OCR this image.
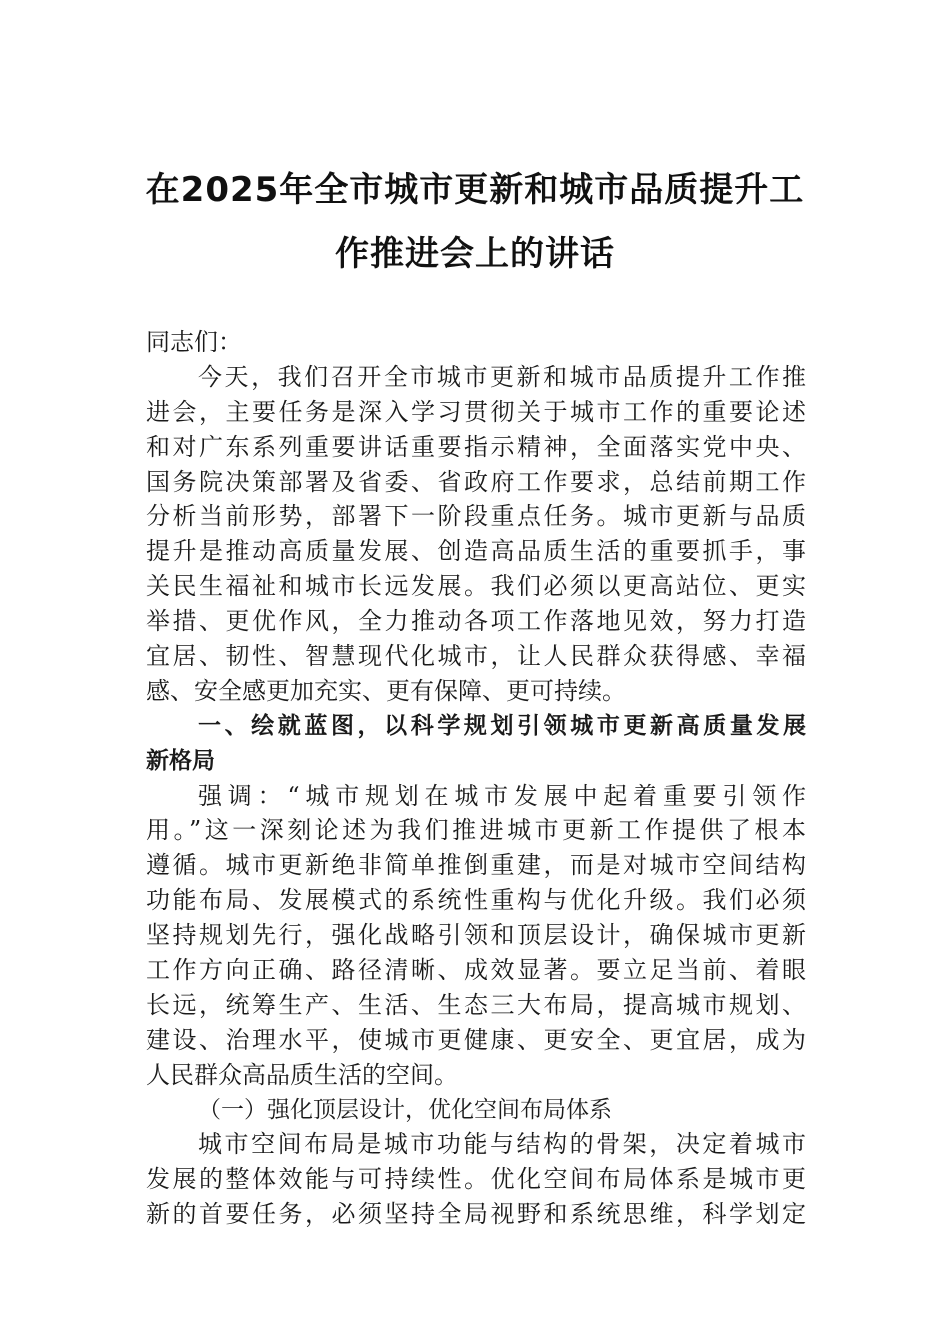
在2025年全市城市更新和城市品质提升工
作推进会上的讲话
同志们：
今天，我们召开全市城市更新和城市品质提升工作推
进会，主要任务是深入学习贯彻关于城市工作的重要论述
和对广东系列重要讲话重要指示精神，全面落实党中央、
国务院决策部署及省委、省政府工作要求，总结前期工作
分析当前形势，部署下一阶段重点任务。城市更新与品质
提升是推动高质量发展、创造高品质生活的重要抓手，事
关民生福祉和城市长远发展。我们必须以更高站位、更实
举措、更优作风，全力推动各项工作落地见效，努力打造
宜居、韧性、智慧现代化城市，让人民群众获得感、幸福
感、安全感更加充实、更有保障、更可持续。
一、绘就蓝图，以科学规划引领城市更新高质量发展
新格局
强调：“城市规划在城市发展中起着重要引领作
用。”这一深刻论述为我们推进城市更新工作提供了根本
遵循。城市更新绝非简单推倒重建，而是对城市空间结构
功能布局、发展模式的系统性重构与优化升级。我们必须
坚持规划先行，强化战略引领和顶层设计，确保城市更新
工作方向正确、路径清晰、成效显著。要立足当前、着眼
长远，统筹生产、生活、生态三大布局，提高城市规划、
建设、治理水平，使城市更健康、更安全、更宜居，成为
人民群众高品质生活的空间。
（一）强化顶层设计，优化空间布局体系
城市空间布局是城市功能与结构的骨架，决定着城市
发展的整体效能与可持续性。优化空间布局体系是城市更
新的首要任务，必须坚持全局视野和系统思维，科学划定
